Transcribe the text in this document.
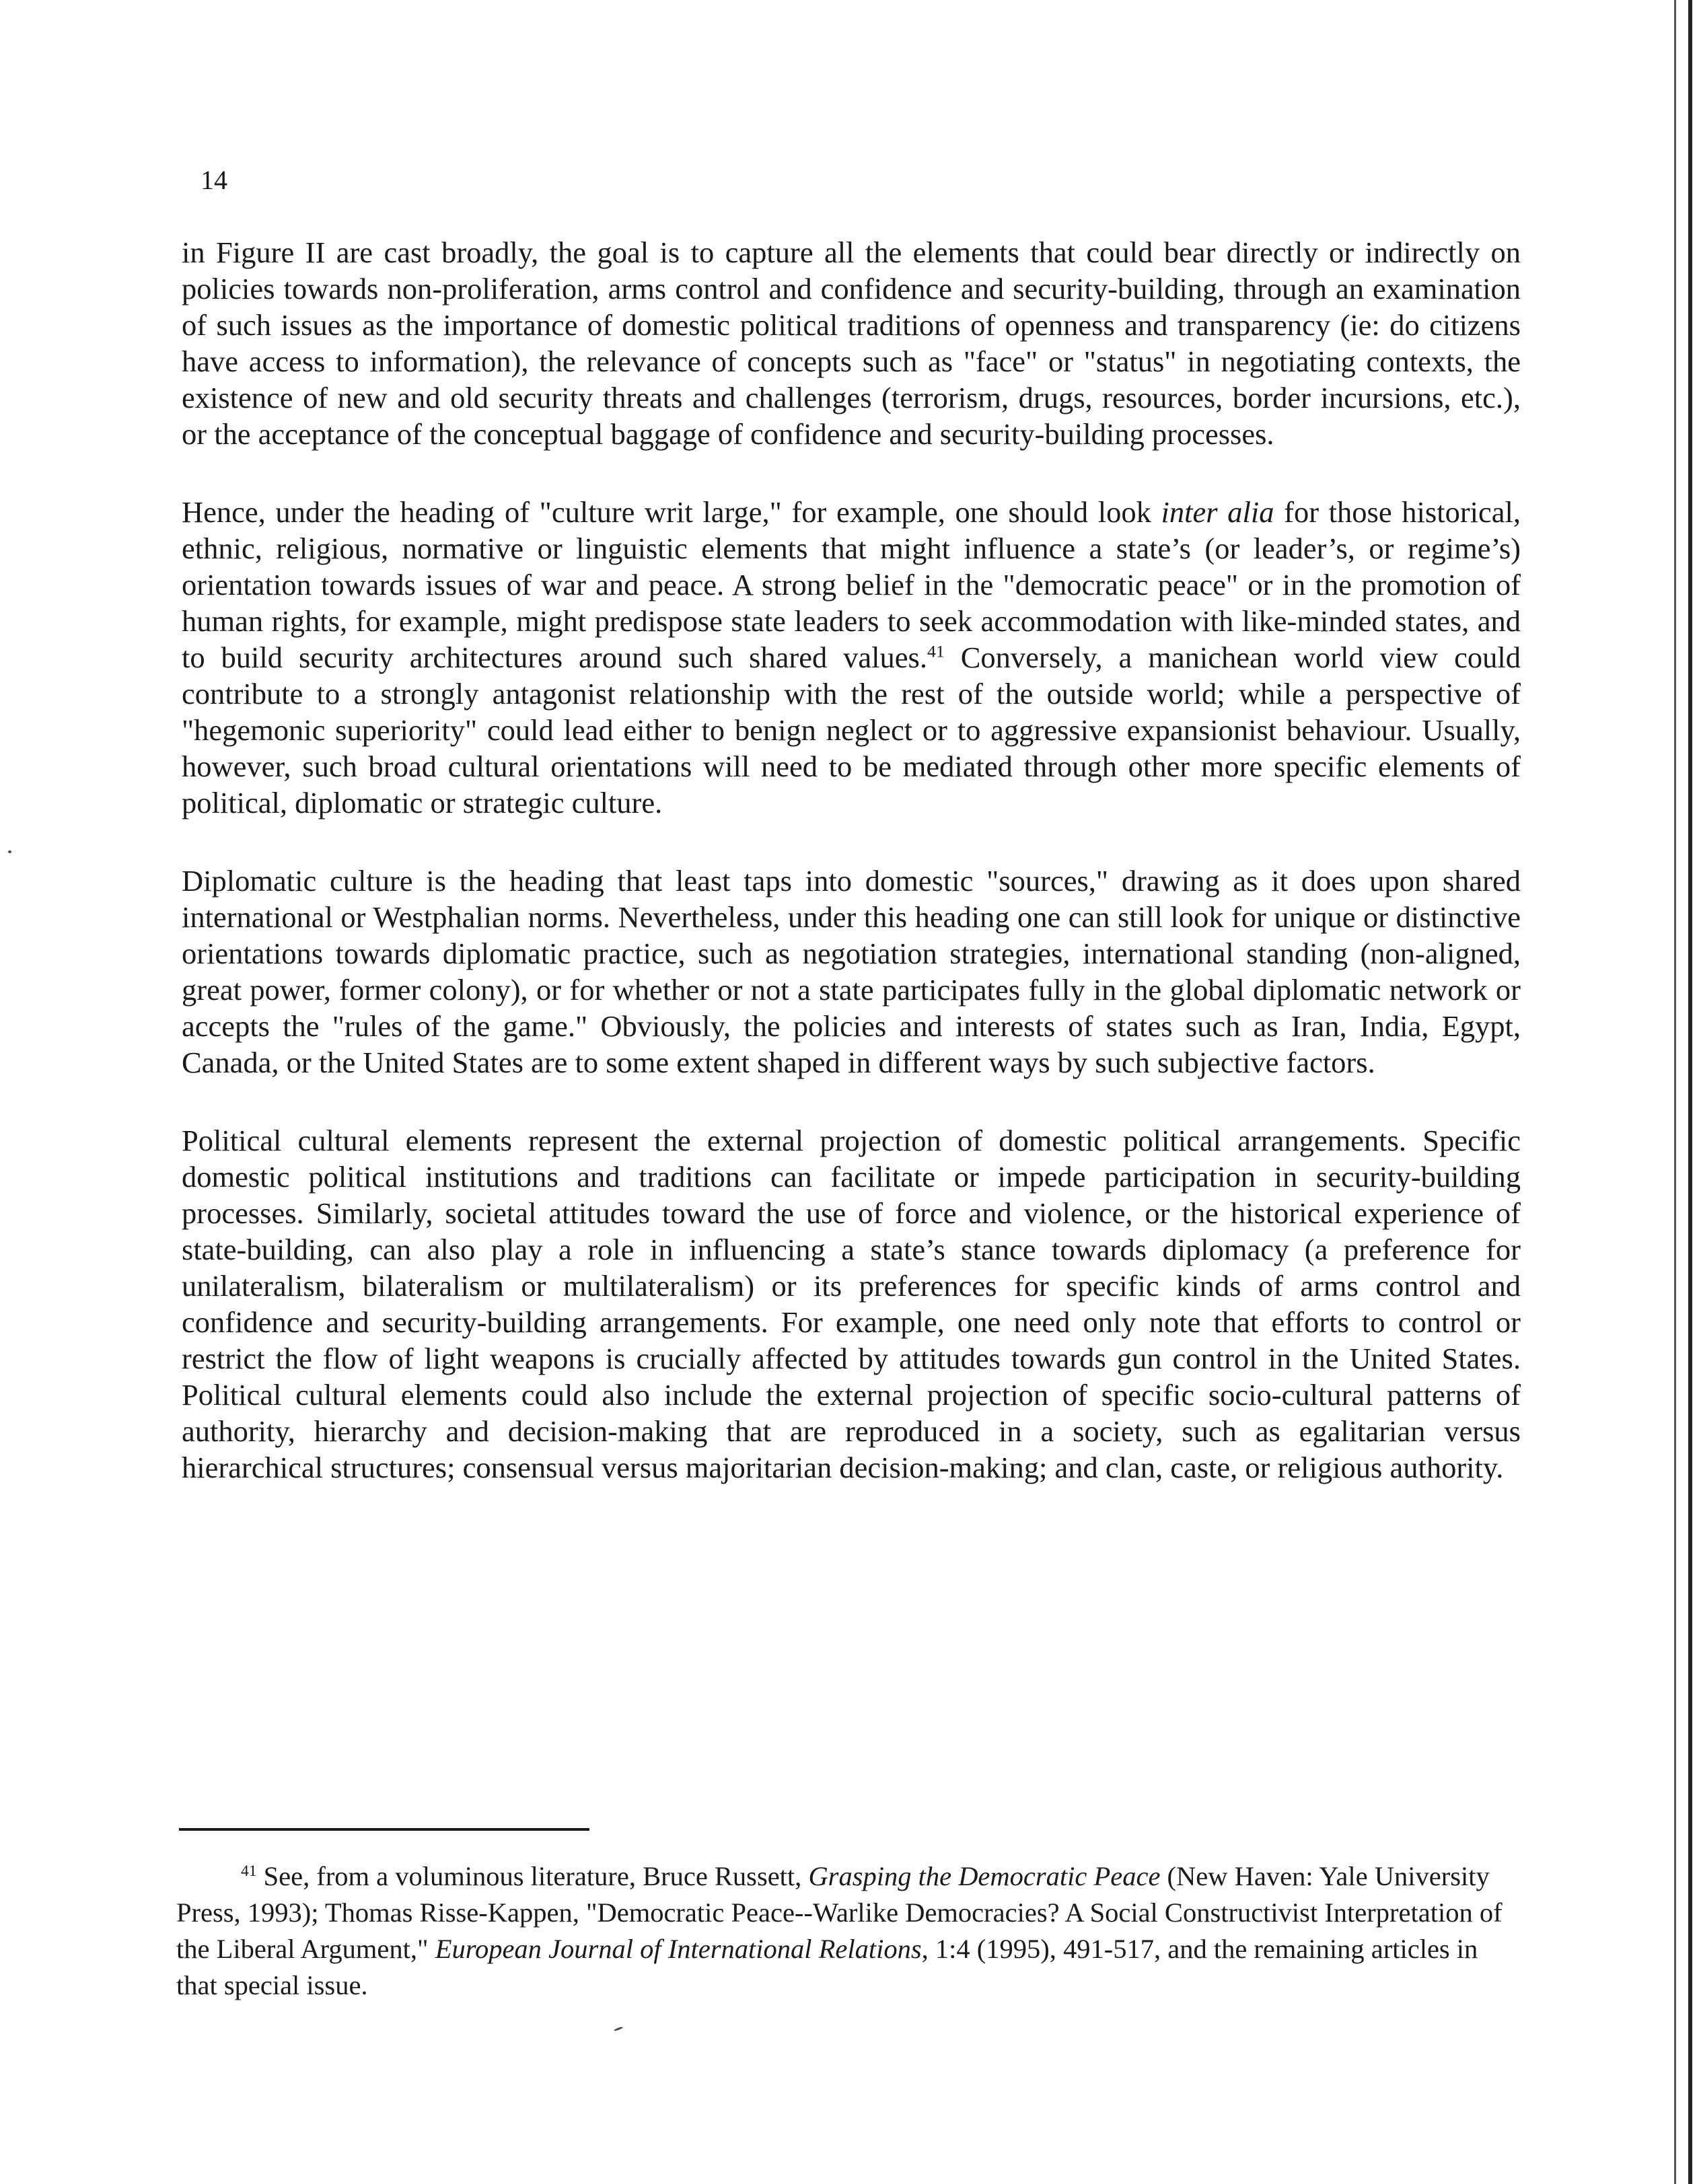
14

in Figure II are cast broadly, the goal is to capture all the elements that could bear directly or indirectly on policies towards non-proliferation, arms control and confidence and security-building, through an examination of such issues as the importance of domestic political traditions of openness and transparency (ie: do citizens have access to information), the relevance of concepts such as "face" or "status" in negotiating contexts, the existence of new and old security threats and challenges (terrorism, drugs, resources, border incursions, etc.), or the acceptance of the conceptual baggage of confidence and security-building processes.

Hence, under the heading of "culture writ large," for example, one should look inter alia for those historical, ethnic, religious, normative or linguistic elements that might influence a state’s (or leader’s, or regime’s) orientation towards issues of war and peace. A strong belief in the "democratic peace" or in the promotion of human rights, for example, might predispose state leaders to seek accommodation with like-minded states, and to build security architectures around such shared values.$^{41}$ Conversely, a manichean world view could contribute to a strongly antagonist relationship with the rest of the outside world; while a perspective of "hegemonic superiority" could lead either to benign neglect or to aggressive expansionist behaviour. Usually, however, such broad cultural orientations will need to be mediated through other more specific elements of political, diplomatic or strategic culture.

Diplomatic culture is the heading that least taps into domestic "sources," drawing as it does upon shared international or Westphalian norms. Nevertheless, under this heading one can still look for unique or distinctive orientations towards diplomatic practice, such as negotiation strategies, international standing (non-aligned, great power, former colony), or for whether or not a state participates fully in the global diplomatic network or accepts the "rules of the game." Obviously, the policies and interests of states such as Iran, India, Egypt, Canada, or the United States are to some extent shaped in different ways by such subjective factors.

Political cultural elements represent the external projection of domestic political arrangements. Specific domestic political institutions and traditions can facilitate or impede participation in security-building processes. Similarly, societal attitudes toward the use of force and violence, or the historical experience of state-building, can also play a role in influencing a state’s stance towards diplomacy (a preference for unilateralism, bilateralism or multilateralism) or its preferences for specific kinds of arms control and confidence and security-building arrangements. For example, one need only note that efforts to control or restrict the flow of light weapons is crucially affected by attitudes towards gun control in the United States. Political cultural elements could also include the external projection of specific socio-cultural patterns of authority, hierarchy and decision-making that are reproduced in a society, such as egalitarian versus hierarchical structures; consensual versus majoritarian decision-making; and clan, caste, or religious authority.

$^{41}$ See, from a voluminous literature, Bruce Russett, Grasping the Democratic Peace (New Haven: Yale University Press, 1993); Thomas Risse-Kappen, "Democratic Peace--Warlike Democracies? A Social Constructivist Interpretation of the Liberal Argument," European Journal of International Relations, 1:4 (1995), 491-517, and the remaining articles in that special issue.
